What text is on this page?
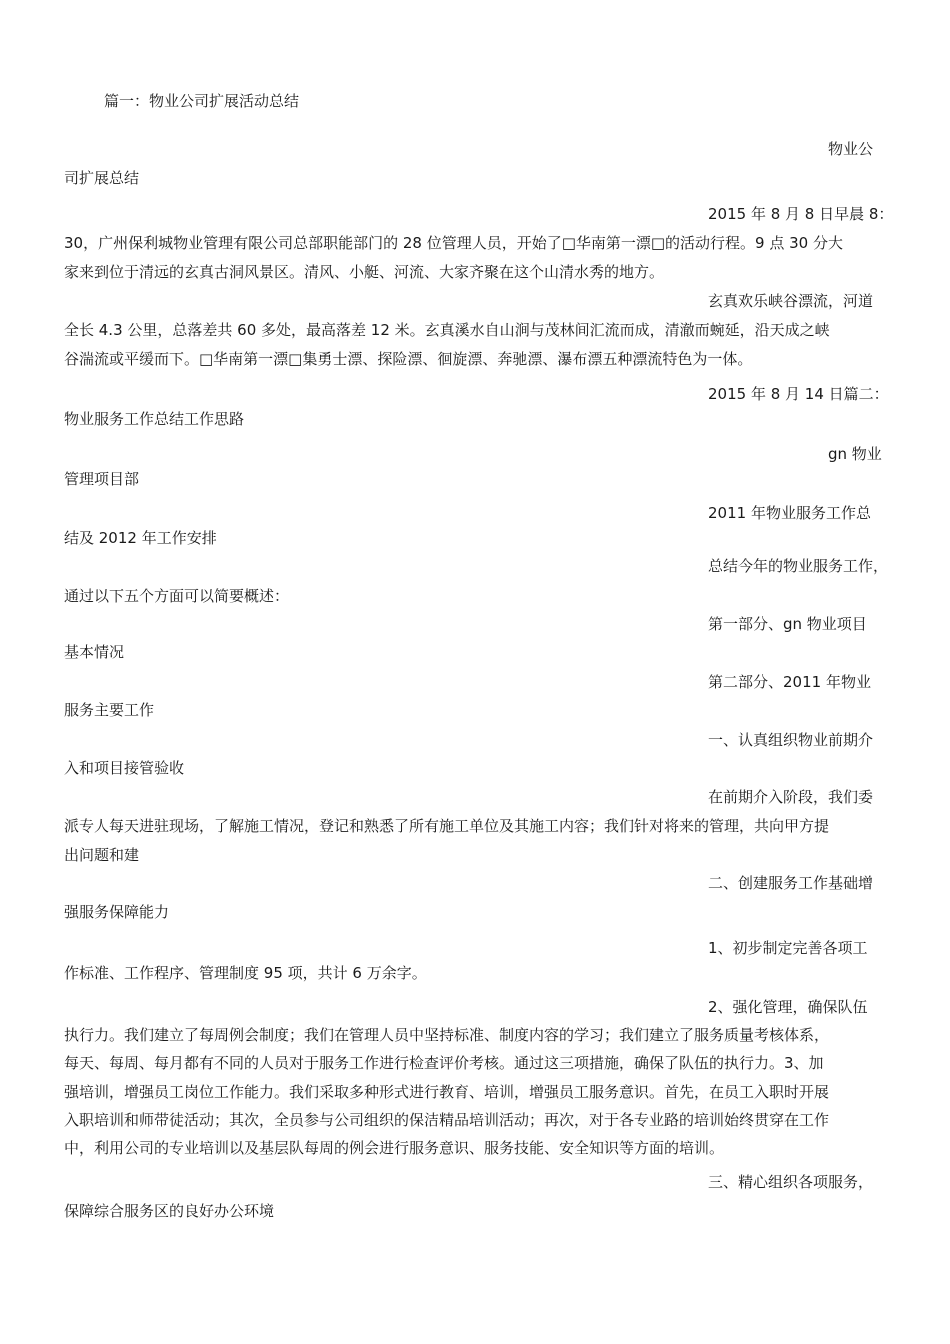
篇一：物业公司扩展活动总结
物业公
司扩展总结
2015 年 8 月 8 日早晨 8：
30，广州保利城物业管理有限公司总部职能部门的 28 位管理人员，开始了□华南第一漂□的活动行程。9 点 30 分大
家来到位于清远的玄真古洞风景区。清风、小艇、河流、大家齐聚在这个山清水秀的地方。
玄真欢乐峡谷漂流，河道
全长 4.3 公里，总落差共 60 多处，最高落差 12 米。玄真溪水自山涧与茂林间汇流而成，清澈而蜿延，沿天成之峡
谷湍流或平缓而下。□华南第一漂□集勇士漂、探险漂、徊旋漂、奔驰漂、瀑布漂五种漂流特色为一体。
2015 年 8 月 14 日篇二：
物业服务工作总结工作思路
gn 物业
管理项目部
2011 年物业服务工作总
结及 2012 年工作安排
总结今年的物业服务工作，
通过以下五个方面可以简要概述：
第一部分、gn 物业项目
基本情况
第二部分、2011 年物业
服务主要工作
一、认真组织物业前期介
入和项目接管验收
在前期介入阶段，我们委
派专人每天进驻现场，了解施工情况，登记和熟悉了所有施工单位及其施工内容；我们针对将来的管理，共向甲方提
出问题和建
二、创建服务工作基础增
强服务保障能力
1、初步制定完善各项工
作标准、工作程序、管理制度 95 项，共计 6 万余字。
2、强化管理，确保队伍
执行力。我们建立了每周例会制度；我们在管理人员中坚持标准、制度内容的学习；我们建立了服务质量考核体系，
每天、每周、每月都有不同的人员对于服务工作进行检查评价考核。通过这三项措施，确保了队伍的执行力。3、加
强培训，增强员工岗位工作能力。我们采取多种形式进行教育、培训，增强员工服务意识。首先，在员工入职时开展
入职培训和师带徒活动；其次，全员参与公司组织的保洁精品培训活动；再次，对于各专业路的培训始终贯穿在工作
中，利用公司的专业培训以及基层队每周的例会进行服务意识、服务技能、安全知识等方面的培训。
三、精心组织各项服务，
保障综合服务区的良好办公环境
